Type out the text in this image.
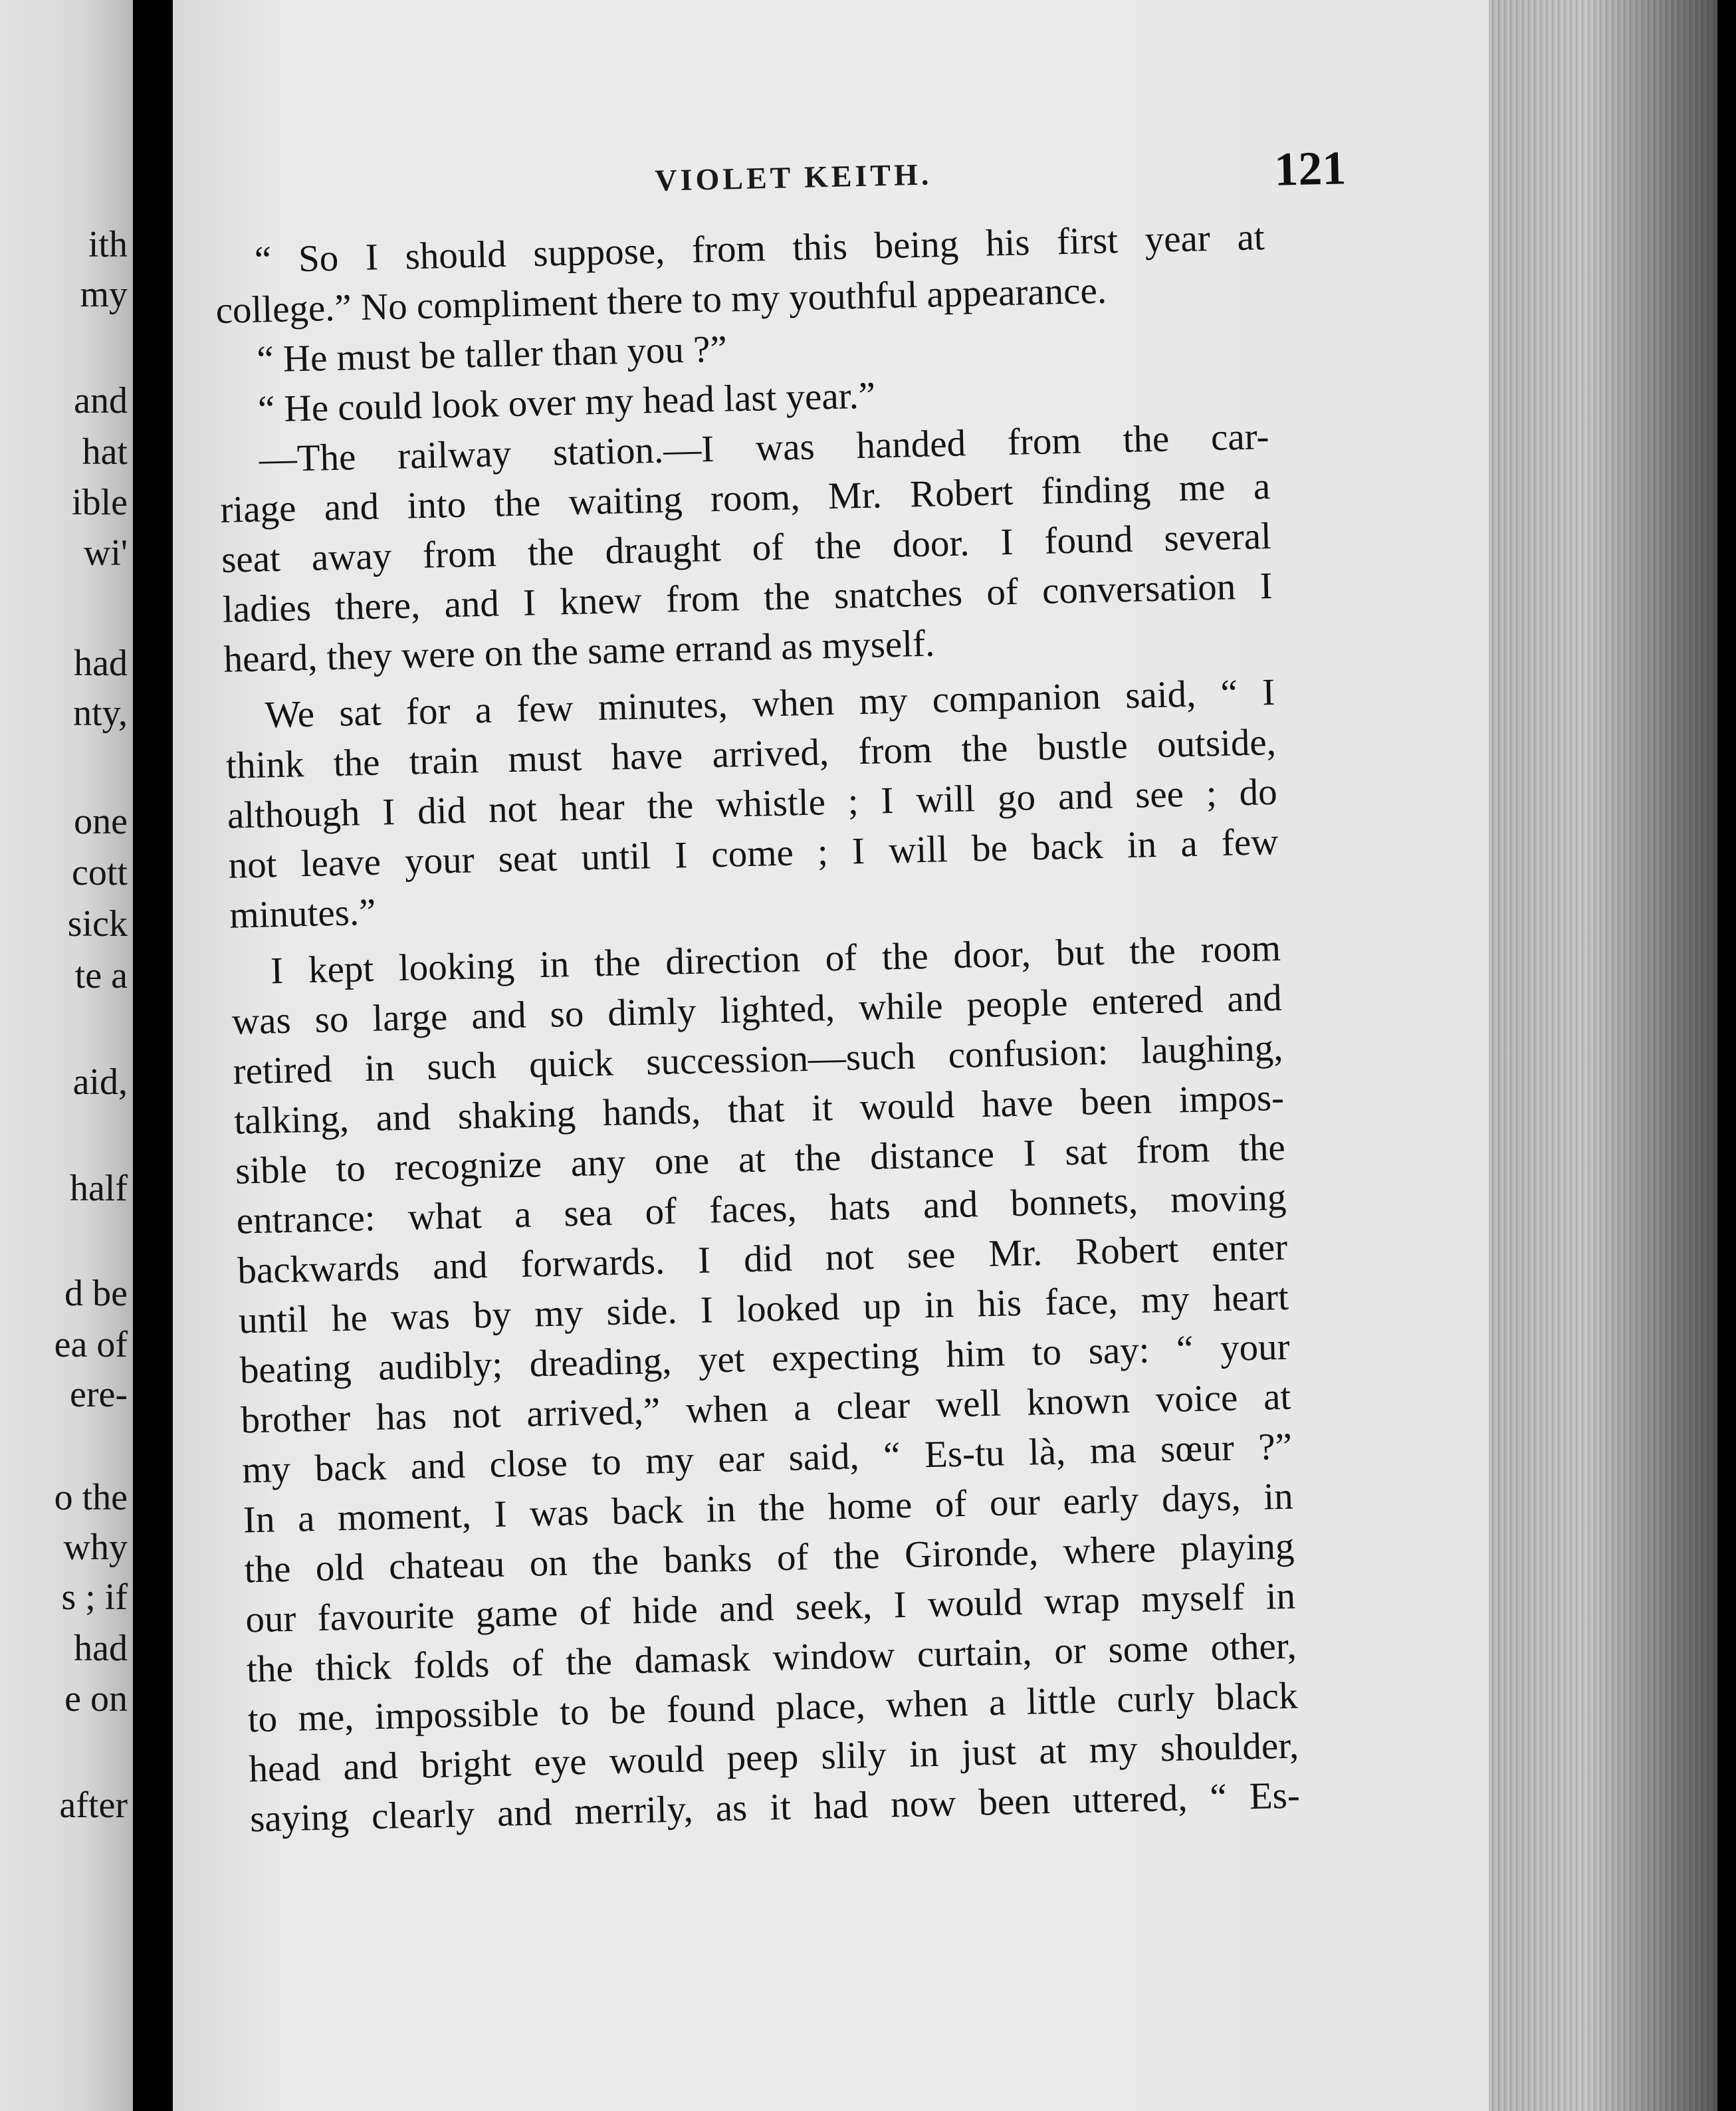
ith
my
and
hat
ible
wi'
had
nty,
one
cott
sick
te a
aid,
half
d be
ea of
ere-
o the
why
s ; if
had
e on
after
VIOLET KEITH.	121
“ So I should suppose, from this being his first year at
college.” No compliment there to my youthful appearance.
“ He must be taller than you ?”
“ He could look over my head last year.”
—The railway station.—I was handed from the car-
riage and into the waiting room, Mr. Robert finding me a
seat away from the draught of the door. I found several
ladies there, and I knew from the snatches of conversation I
heard, they were on the same errand as myself.
We sat for a few minutes, when my companion said, “ I
think the train must have arrived, from the bustle outside,
although I did not hear the whistle ; I will go and see ; do
not leave your seat until I come ; I will be back in a few
minutes.”
I kept looking in the direction of the door, but the room
was so large and so dimly lighted, while people entered and
retired in such quick succession—such confusion: laughing,
talking, and shaking hands, that it would have been impos-
sible to recognize any one at the distance I sat from the
entrance: what a sea of faces, hats and bonnets, moving
backwards and forwards. I did not see Mr. Robert enter
until he was by my side. I looked up in his face, my heart
beating audibly; dreading, yet expecting him to say: “ your
brother has not arrived,” when a clear well known voice at
my back and close to my ear said, “ Es-tu là, ma sœur ?”
In a moment, I was back in the home of our early days, in
the old chateau on the banks of the Gironde, where playing
our favourite game of hide and seek, I would wrap myself in
the thick folds of the damask window curtain, or some other,
to me, impossible to be found place, when a little curly black
head and bright eye would peep slily in just at my shoulder,
saying clearly and merrily, as it had now been uttered, “ Es-
